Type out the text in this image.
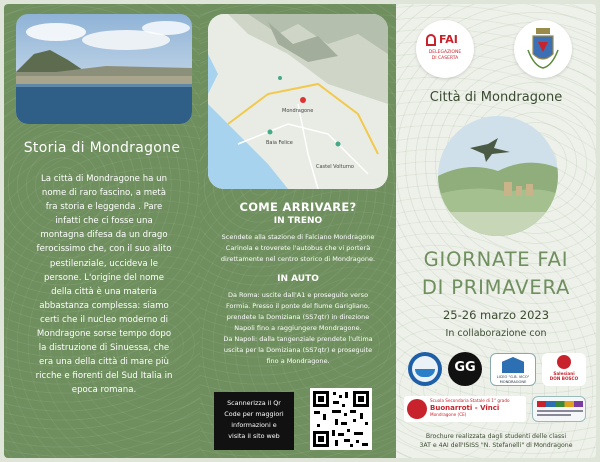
Storia di Mondragone
La città di Mondragone ha un
nome di raro fascino, a metà
fra storia e leggenda . Pare
infatti che ci fosse una
montagna difesa da un drago
ferocissimo che, con il suo alito
pestilenziale, uccideva le
persone. L'origine del nome
della città è una materia
abbastanza complessa: siamo
certi che il nucleo moderno di
Mondragone sorse tempo dopo
la distruzione di Sinuessa, che
era una della città di mare più
ricche e fiorenti del Sud Italia in
epoca romana.
Mondragone
Baia Felice
Castel Volturno
COME ARRIVARE?
IN TRENO
Scendete alla stazione di Falciano Mondragone
Carinola e troverete l'autobus che vi porterà
direttamente nel centro storico di Mondragone.
IN AUTO
Da Roma: uscite dall'A1 e proseguite verso
Formia. Presso il ponte del fiume Garigliano,
prendete la Domiziana (SS7qtr) in direzione
Napoli fino a raggiungere Mondragone.
Da Napoli: dalla tangenziale prendete l'ultima
uscita per la Domiziana (SS7qtr) e proseguite
fino a Mondragone.
Scannerizza il Qr
Code per maggiori
informazioni e
visita il sito web
FAI
DELEGAZIONE
DI CASERTA
Città di Mondragone
GIORNATE FAI
DI PRIMAVERA
25-26 marzo 2023
In collaborazione con
GG
LICEO "G.B. VICO"
MONDRAGONE
Salesiani
DON BOSCO
Scuola Secondaria Statale di 1° grado
Buonarroti - Vinci
Mondragone (CE)
Brochure realizzata dagli studenti delle classi
3AT e 4AI dell'ISISS "N. Stefanelli" di Mondragone
